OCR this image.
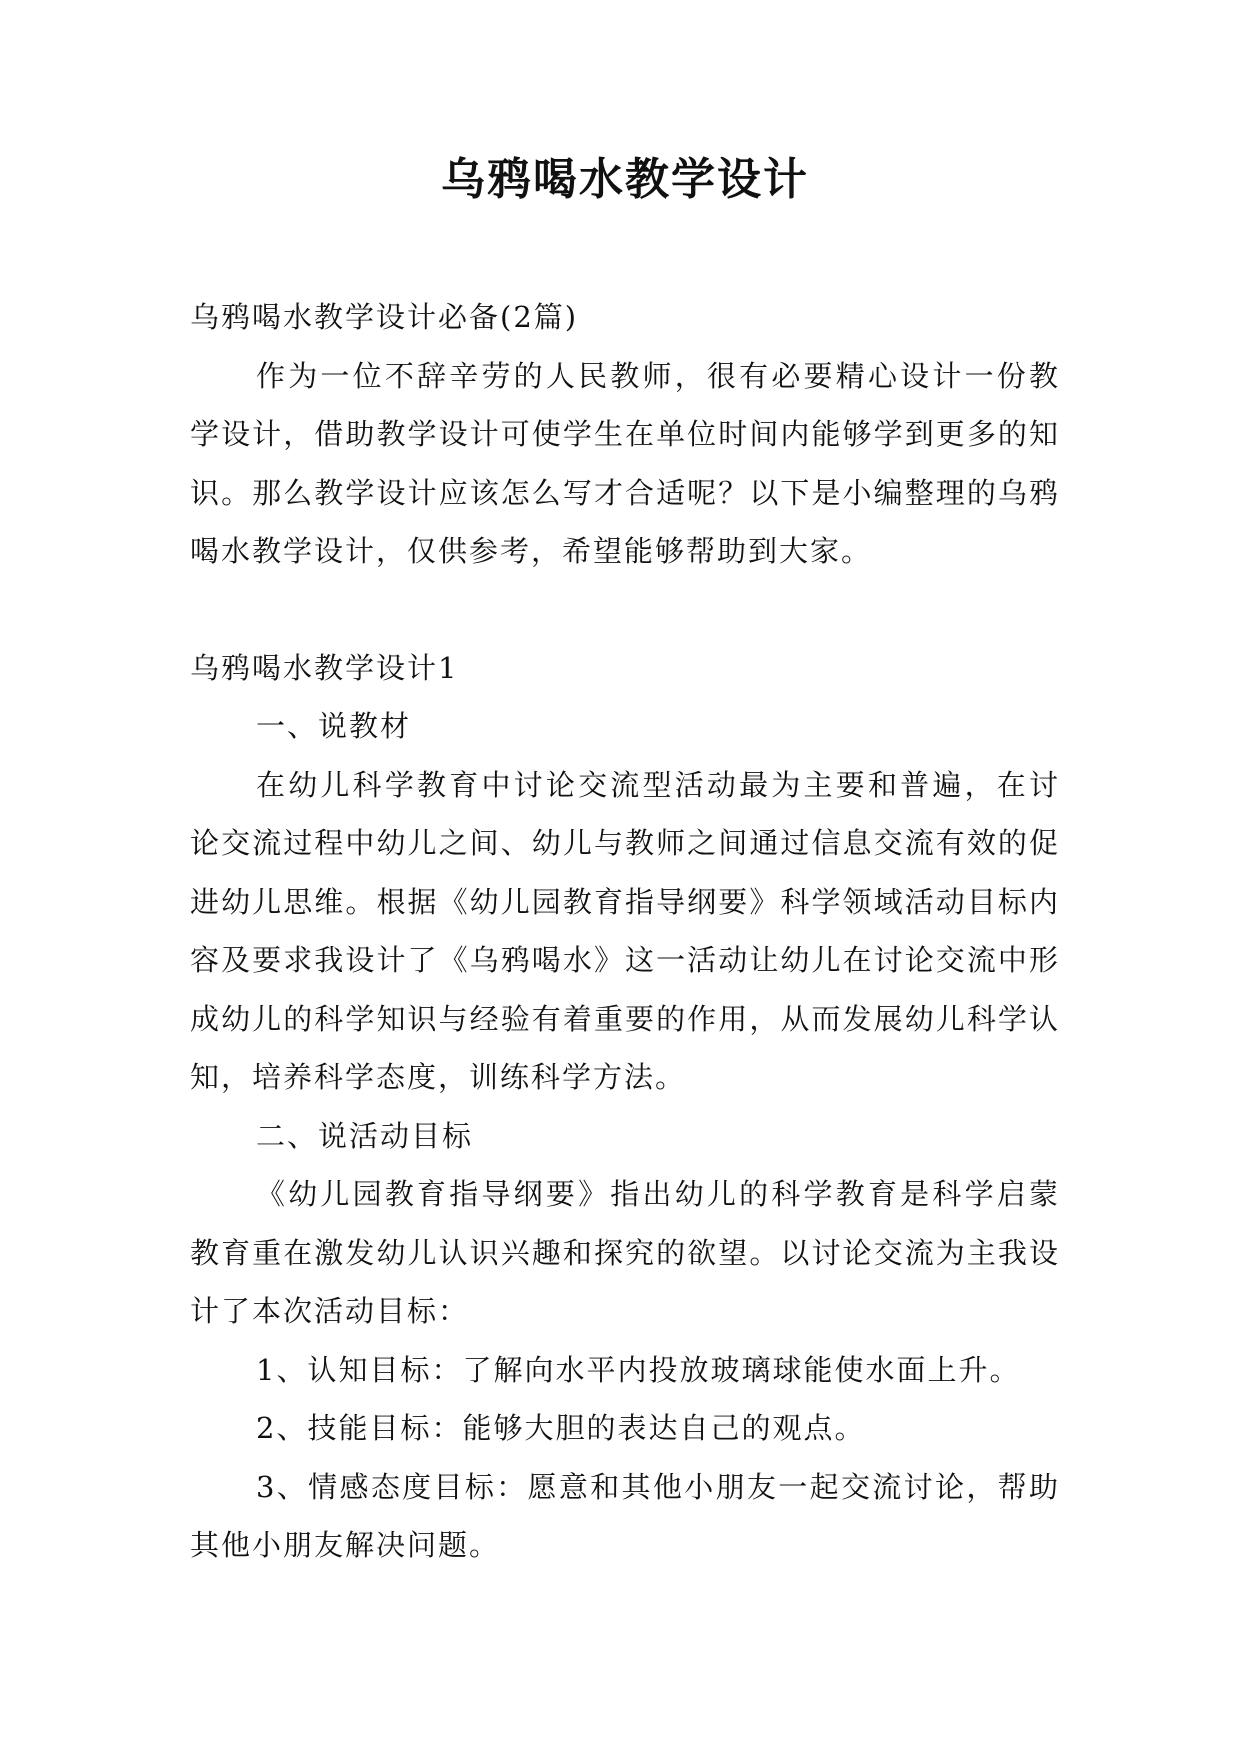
乌鸦喝水教学设计

乌鸦喝水教学设计必备(2篇)

作为一位不辞辛劳的人民教师，很有必要精心设计一份教学设计，借助教学设计可使学生在单位时间内能够学到更多的知识。那么教学设计应该怎么写才合适呢？以下是小编整理的乌鸦喝水教学设计，仅供参考，希望能够帮助到大家。

乌鸦喝水教学设计1

一、说教材

在幼儿科学教育中讨论交流型活动最为主要和普遍，在讨论交流过程中幼儿之间、幼儿与教师之间通过信息交流有效的促进幼儿思维。根据《幼儿园教育指导纲要》科学领域活动目标内容及要求我设计了《乌鸦喝水》这一活动让幼儿在讨论交流中形成幼儿的科学知识与经验有着重要的作用，从而发展幼儿科学认知，培养科学态度，训练科学方法。

二、说活动目标

《幼儿园教育指导纲要》指出幼儿的科学教育是科学启蒙教育重在激发幼儿认识兴趣和探究的欲望。以讨论交流为主我设计了本次活动目标：

1、认知目标：了解向水平内投放玻璃球能使水面上升。

2、技能目标：能够大胆的表达自己的观点。

3、情感态度目标：愿意和其他小朋友一起交流讨论，帮助其他小朋友解决问题。
